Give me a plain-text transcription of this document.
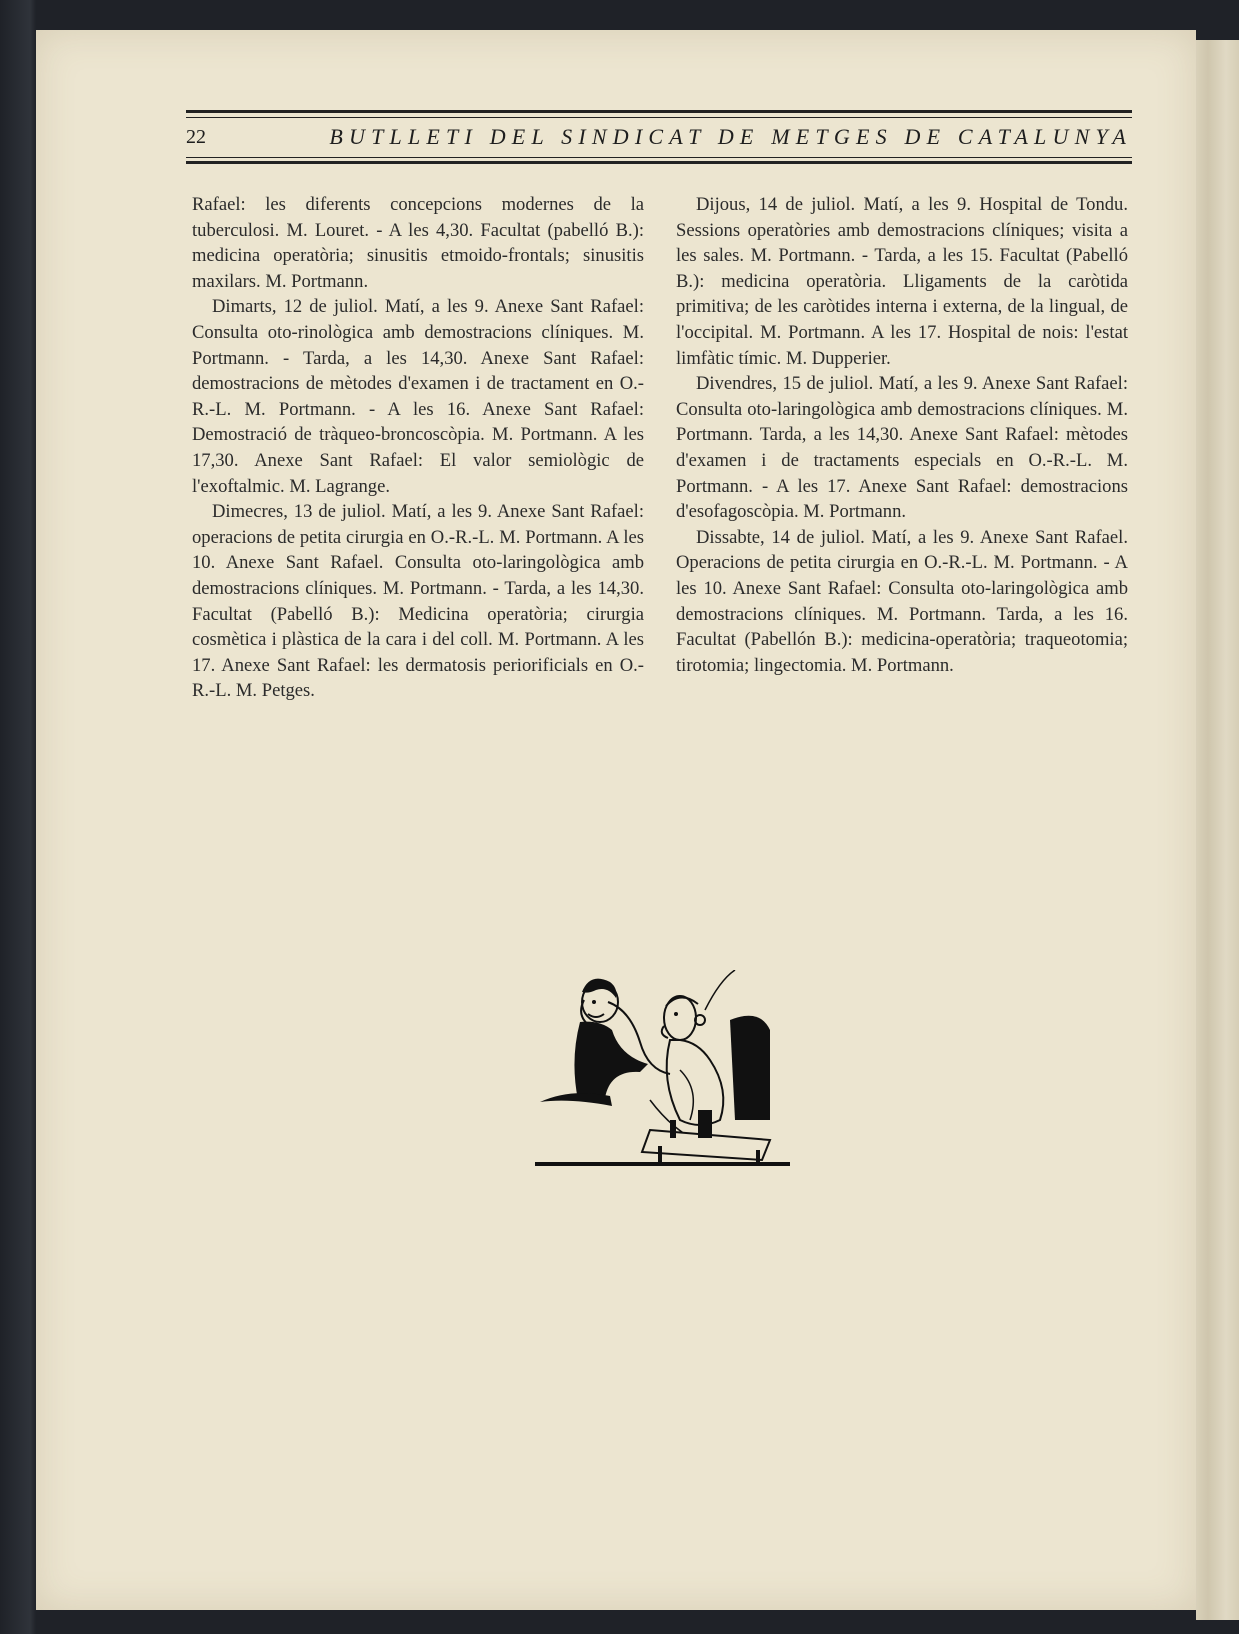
22	BUTLLETI DEL SINDICAT DE METGES DE CATALUNYA

Rafael: les diferents concepcions modernes de la tuberculosi. M. Louret. - A les 4,30. Facultat (pabelló B.): medicina operatòria; sinusitis etmoido-frontals; sinusitis maxilars. M. Portmann.

Dimarts, 12 de juliol. Matí, a les 9. Anexe Sant Rafael: Consulta oto-rinològica amb demostracions clíniques. M. Portmann. - Tarda, a les 14,30. Anexe Sant Rafael: demostracions de mètodes d'examen i de tractament en O.-R.-L. M. Portmann. - A les 16. Anexe Sant Rafael: Demostració de tràqueo-broncoscòpia. M. Portmann. A les 17,30. Anexe Sant Rafael: El valor semiològic de l'exoftalmic. M. Lagrange.

Dimecres, 13 de juliol. Matí, a les 9. Anexe Sant Rafael: operacions de petita cirurgia en O.-R.-L. M. Portmann. A les 10. Anexe Sant Rafael. Consulta oto-laringològica amb demostracions clíniques. M. Portmann. - Tarda, a les 14,30. Facultat (Pabelló B.): Medicina operatòria; cirurgia cosmètica i plàstica de la cara i del coll. M. Portmann. A les 17. Anexe Sant Rafael: les dermatosis periorificials en O.-R.-L. M. Petges.

Dijous, 14 de juliol. Matí, a les 9. Hospital de Tondu. Sessions operatòries amb demostracions clíniques; visita a les sales. M. Portmann. - Tarda, a les 15. Facultat (Pabelló B.): medicina operatòria. Lligaments de la caròtida primitiva; de les caròtides interna i externa, de la lingual, de l'occipital. M. Portmann. A les 17. Hospital de nois: l'estat limfàtic tímic. M. Dupperier.

Divendres, 15 de juliol. Matí, a les 9. Anexe Sant Rafael: Consulta oto-laringològica amb demostracions clíniques. M. Portmann. Tarda, a les 14,30. Anexe Sant Rafael: mètodes d'examen i de tractaments especials en O.-R.-L. M. Portmann. - A les 17. Anexe Sant Rafael: demostracions d'esofagoscòpia. M. Portmann.

Dissabte, 14 de juliol. Matí, a les 9. Anexe Sant Rafael. Operacions de petita cirurgia en O.-R.-L. M. Portmann. - A les 10. Anexe Sant Rafael: Consulta oto-laringològica amb demostracions clíniques. M. Portmann. Tarda, a les 16. Facultat (Pabellón B.): medicina-operatòria; traqueotomia; tirotomia; lingectomia. M. Portmann.
